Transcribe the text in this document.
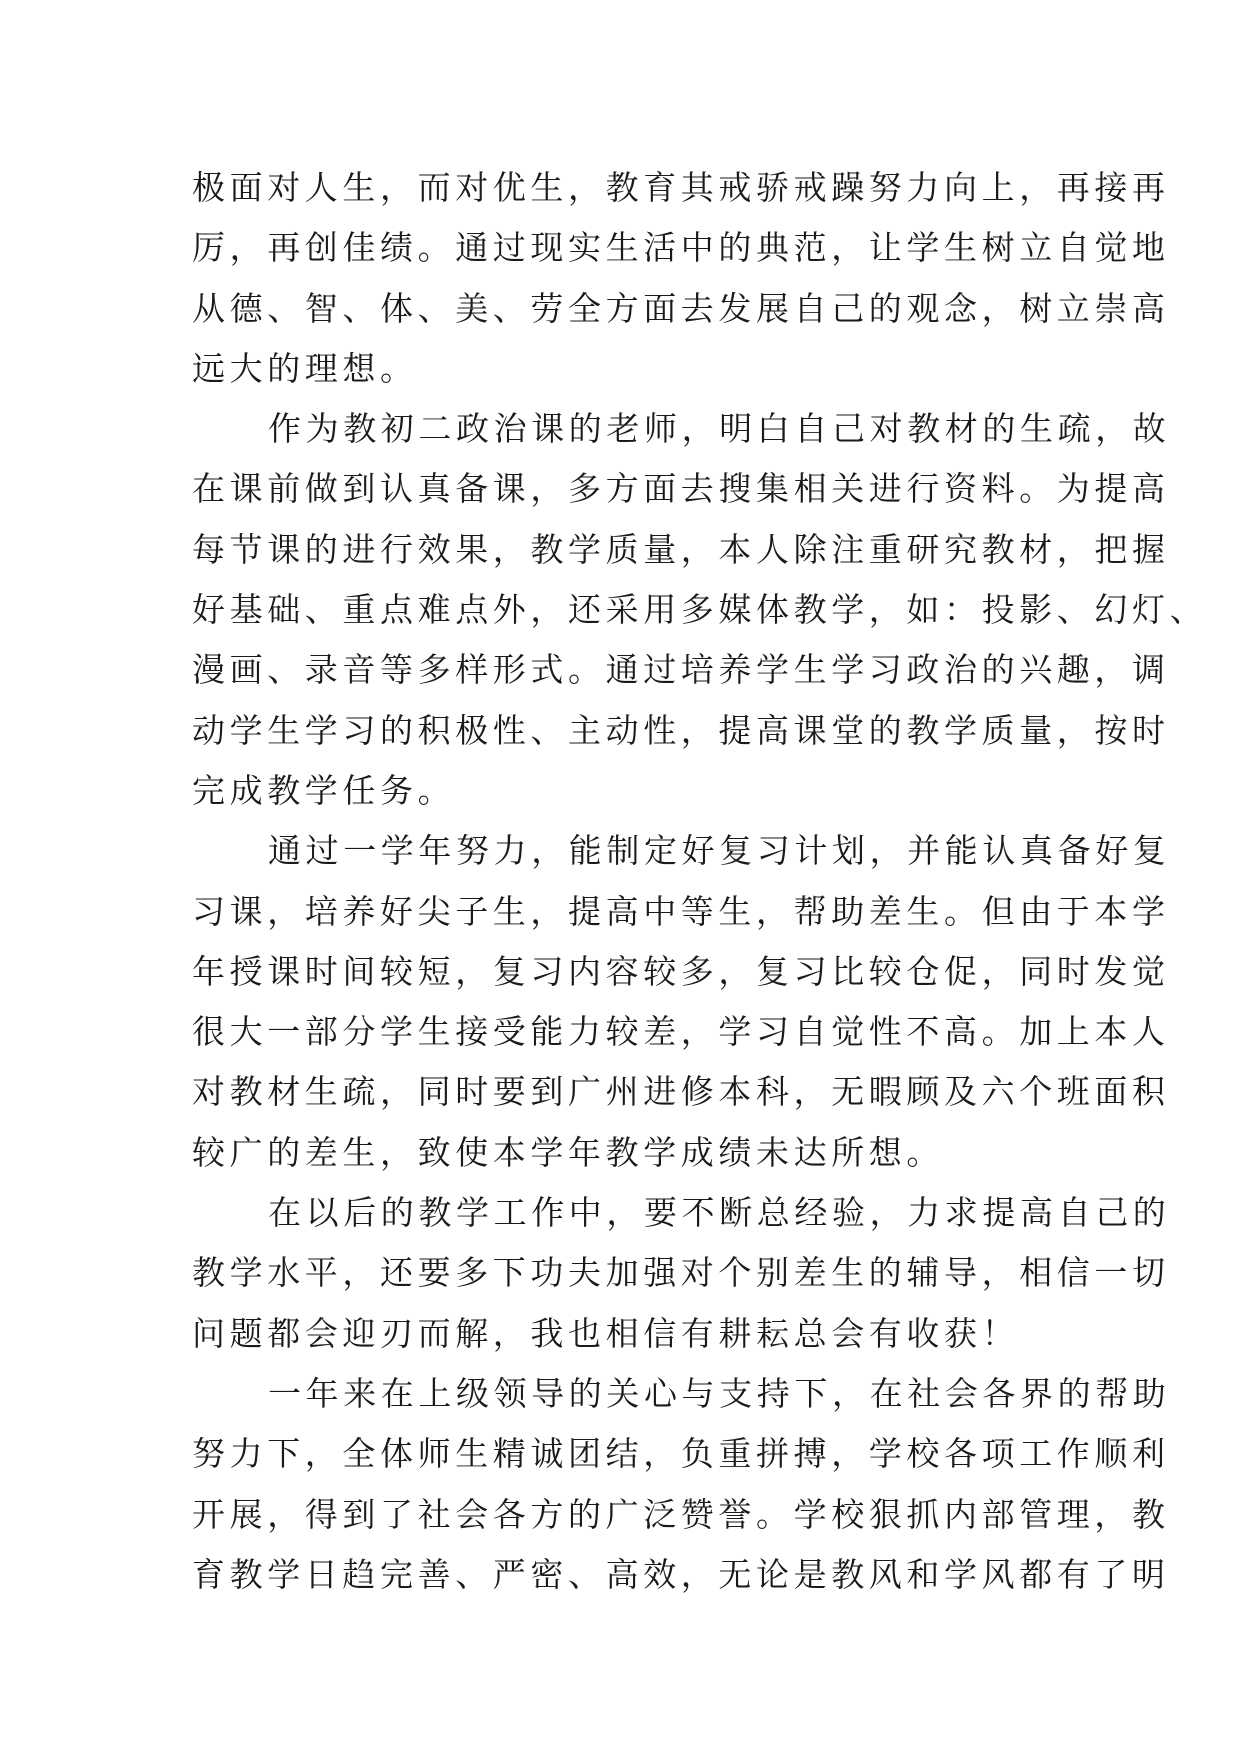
极面对人生，而对优生，教育其戒骄戒躁努力向上，再接再
厉，再创佳绩。通过现实生活中的典范，让学生树立自觉地
从德、智、体、美、劳全方面去发展自己的观念，树立崇高
远大的理想。
作为教初二政治课的老师，明白自己对教材的生疏，故
在课前做到认真备课，多方面去搜集相关进行资料。为提高
每节课的进行效果，教学质量，本人除注重研究教材，把握
好基础、重点难点外，还采用多媒体教学，如：投影、幻灯、
漫画、录音等多样形式。通过培养学生学习政治的兴趣，调
动学生学习的积极性、主动性，提高课堂的教学质量，按时
完成教学任务。
通过一学年努力，能制定好复习计划，并能认真备好复
习课，培养好尖子生，提高中等生，帮助差生。但由于本学
年授课时间较短，复习内容较多，复习比较仓促，同时发觉
很大一部分学生接受能力较差，学习自觉性不高。加上本人
对教材生疏，同时要到广州进修本科，无暇顾及六个班面积
较广的差生，致使本学年教学成绩未达所想。
在以后的教学工作中，要不断总经验，力求提高自己的
教学水平，还要多下功夫加强对个别差生的辅导，相信一切
问题都会迎刃而解，我也相信有耕耘总会有收获！
一年来在上级领导的关心与支持下，在社会各界的帮助
努力下，全体师生精诚团结，负重拼搏，学校各项工作顺利
开展，得到了社会各方的广泛赞誉。学校狠抓内部管理，教
育教学日趋完善、严密、高效，无论是教风和学风都有了明
